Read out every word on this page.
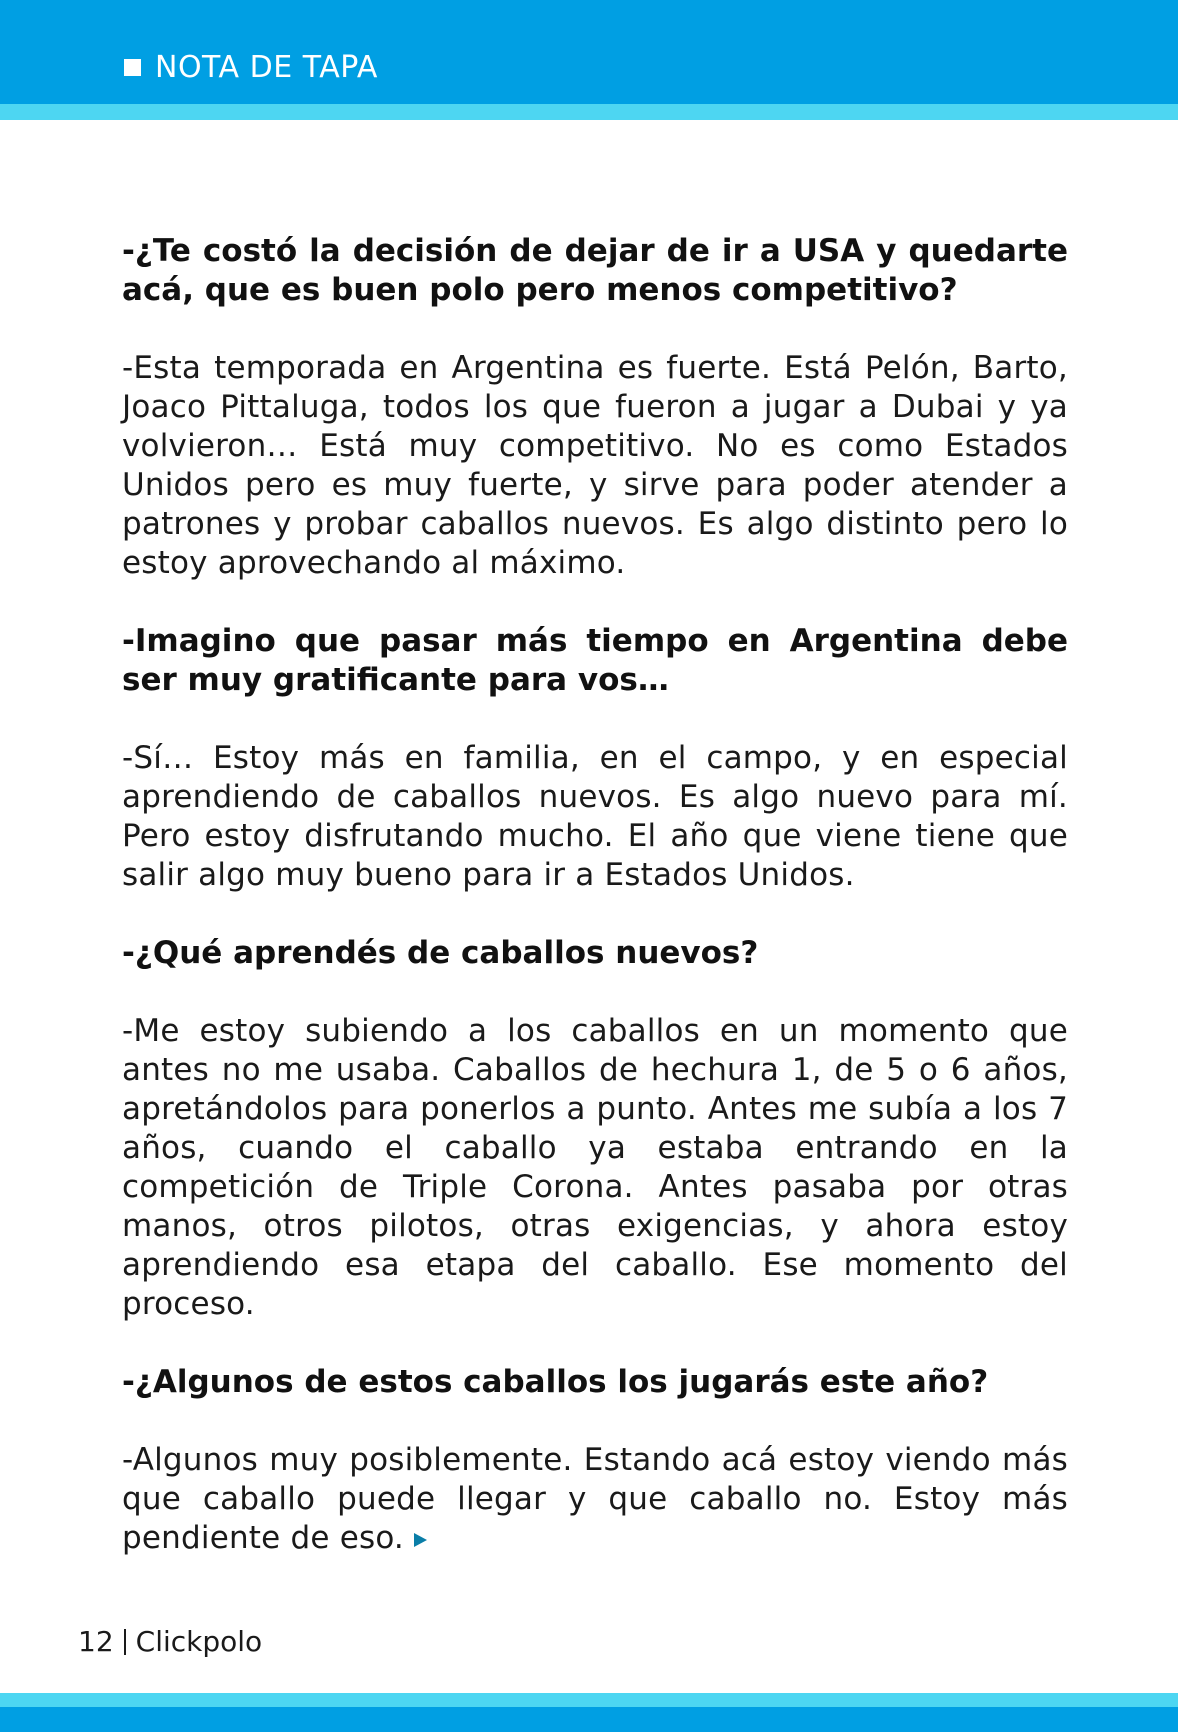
NOTA DE TAPA

-¿Te costó la decisión de dejar de ir a USA y quedarte acá, que es buen polo pero menos competitivo?

-Esta temporada en Argentina es fuerte. Está Pelón, Barto, Joaco Pittaluga, todos los que fueron a jugar a Dubai y ya volvieron… Está muy competitivo. No es como Estados Unidos pero es muy fuerte, y sirve para poder atender a patrones y probar caballos nuevos. Es algo distinto pero lo estoy aprovechando al máximo.

-Imagino que pasar más tiempo en Argentina debe ser muy gratificante para vos…

-Sí… Estoy más en familia, en el campo, y en especial aprendiendo de caballos nuevos. Es algo nuevo para mí. Pero estoy disfrutando mucho. El año que viene tiene que salir algo muy bueno para ir a Estados Unidos.

-¿Qué aprendés de caballos nuevos?

-Me estoy subiendo a los caballos en un momento que antes no me usaba. Caballos de hechura 1, de 5 o 6 años, apretándolos para ponerlos a punto. Antes me subía a los 7 años, cuando el caballo ya estaba entrando en la competición de Triple Corona. Antes pasaba por otras manos, otros pilotos, otras exigencias, y ahora estoy aprendiendo esa etapa del caballo. Ese momento del proceso.

-¿Algunos de estos caballos los jugarás este año?

-Algunos muy posiblemente. Estando acá estoy viendo más que caballo puede llegar y que caballo no. Estoy más pendiente de eso.

12 Clickpolo
